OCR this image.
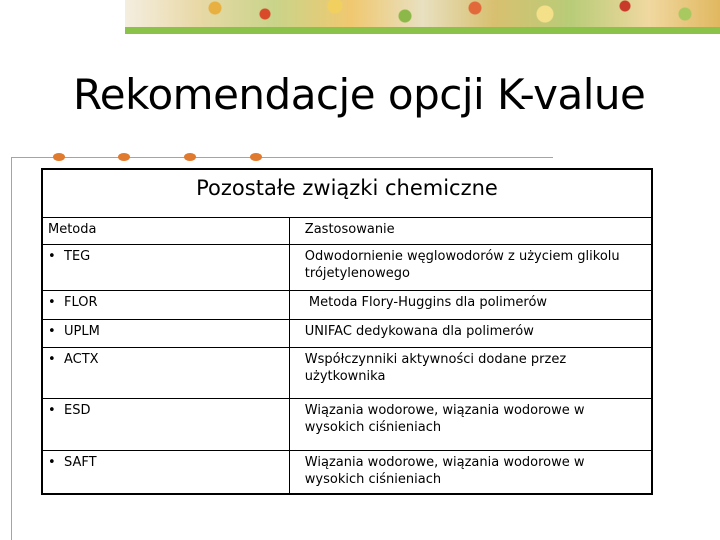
Rekomendacje opcji K-value
Pozostałe związki chemiczne
Metoda	Zastosowanie
• TEG	Odwodornienie węglowodorów z użyciem glikolu trójetylenowego
• FLOR	Metoda Flory-Huggins dla polimerów
• UPLM	UNIFAC dedykowana dla polimerów
• ACTX	Współczynniki aktywności dodane przez użytkownika
• ESD	Wiązania wodorowe, wiązania wodorowe w wysokich ciśnieniach
• SAFT	Wiązania wodorowe, wiązania wodorowe w wysokich ciśnieniach
